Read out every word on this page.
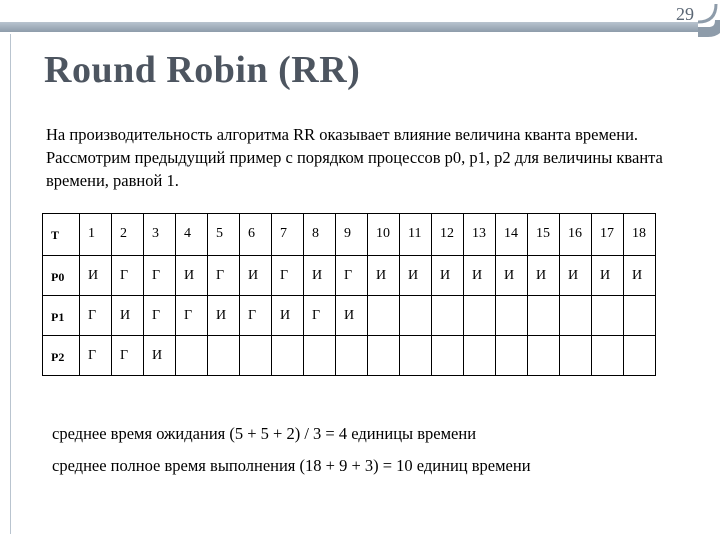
29
Round Robin (RR)
На производительность алгоритма RR оказывает влияние величина кванта времени. Рассмотрим предыдущий пример с порядком процессов p0, p1, p2 для величины кванта времени, равной 1.
T	1	2	3	4	5	6	7	8	9	10	11	12	13	14	15	16	17	18
P0	И	Г	Г	И	Г	И	Г	И	Г	И	И	И	И	И	И	И	И	И
P1	Г	И	Г	Г	И	Г	И	Г	И									
P2	Г	Г	И															
среднее время ожидания (5 + 5 + 2) / 3 = 4 единицы времени
среднее полное время выполнения (18 + 9 + 3) = 10 единиц времени
